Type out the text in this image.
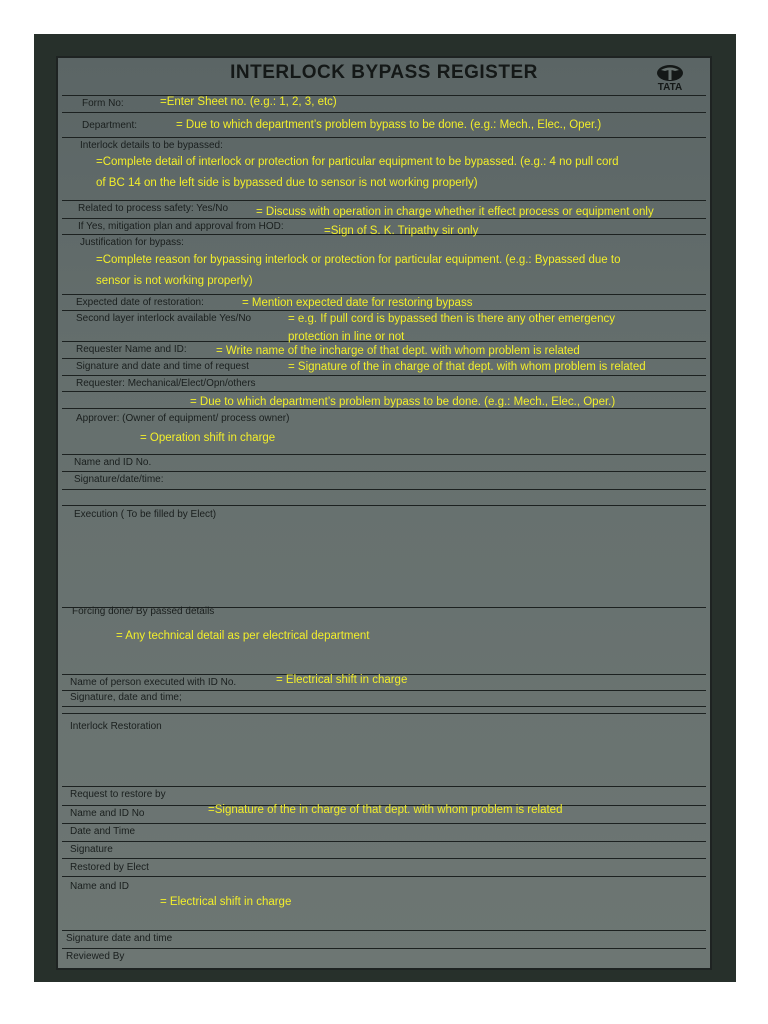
INTERLOCK BYPASS REGISTER
TATA
Form No:
Department:
Interlock details to be bypassed:
Related to process safety: Yes/No
If Yes, mitigation plan and approval from HOD:
Justification for bypass:
Expected date of restoration:
Second layer interlock available Yes/No
Requester Name and ID:
Signature and date and time of request
Requester: Mechanical/Elect/Opn/others
Approver: (Owner of equipment/ process owner)
Name and ID No.
Signature/date/time:
Execution ( To be filled by Elect)
Forcing done/ By passed details
Name of person executed with ID No.
Signature, date and time;
Interlock Restoration
Request to restore by
Name and ID No
Date and Time
Signature
Restored by Elect
Name and ID
Signature date and time
Reviewed By
=Enter Sheet no. (e.g.: 1, 2, 3, etc)
= Due to which department’s problem bypass to be done. (e.g.: Mech., Elec., Oper.)
=Complete detail of interlock or protection for particular equipment to be bypassed. (e.g.: 4 no pull cord
of BC 14 on the left side is bypassed due to sensor is not working properly)
= Discuss with operation in charge whether it effect process or equipment only
=Sign of S. K. Tripathy sir only
=Complete reason for bypassing interlock or protection for particular equipment. (e.g.: Bypassed due to
sensor is not working properly)
= Mention expected date for restoring bypass
= e.g. If pull cord is bypassed then is there any other emergency
protection in line or not
= Write name of the incharge of that dept. with whom problem is related
= Signature of the in charge of that dept. with whom problem is related
= Due to which department’s problem bypass to be done. (e.g.: Mech., Elec., Oper.)
= Operation shift in charge
= Any technical detail as per electrical department
= Electrical shift in charge
=Signature of the in charge of that dept. with whom problem is related
= Electrical shift in charge
